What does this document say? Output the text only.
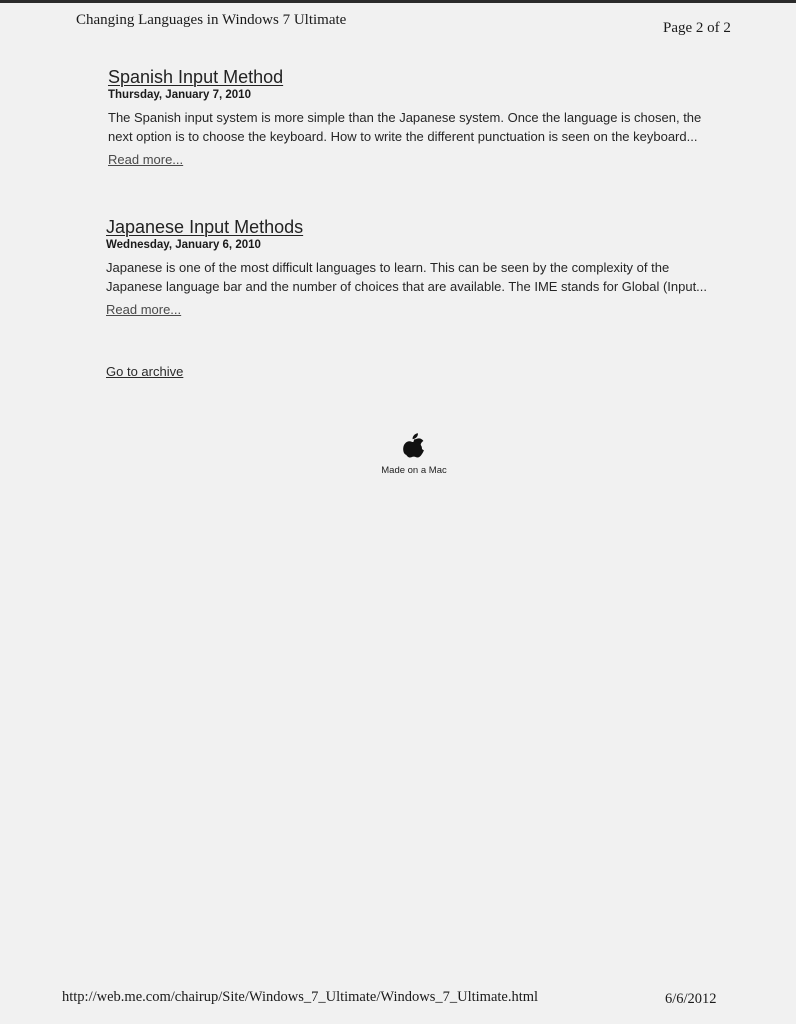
Changing Languages in Windows 7 Ultimate	Page 2 of 2
Spanish Input Method
Thursday, January 7, 2010
The Spanish input system is more simple than the Japanese system. Once the language is chosen, the next option is to choose the keyboard. How to write the different punctuation is seen on the keyboard...
Read more...
Japanese Input Methods
Wednesday, January 6, 2010
Japanese is one of the most difficult languages to learn. This can be seen by the complexity of the Japanese language bar and the number of choices that are available. The IME stands for Global (Input...
Read more...
Go to archive
Made on a Mac
http://web.me.com/chairup/Site/Windows_7_Ultimate/Windows_7_Ultimate.html	6/6/2012
